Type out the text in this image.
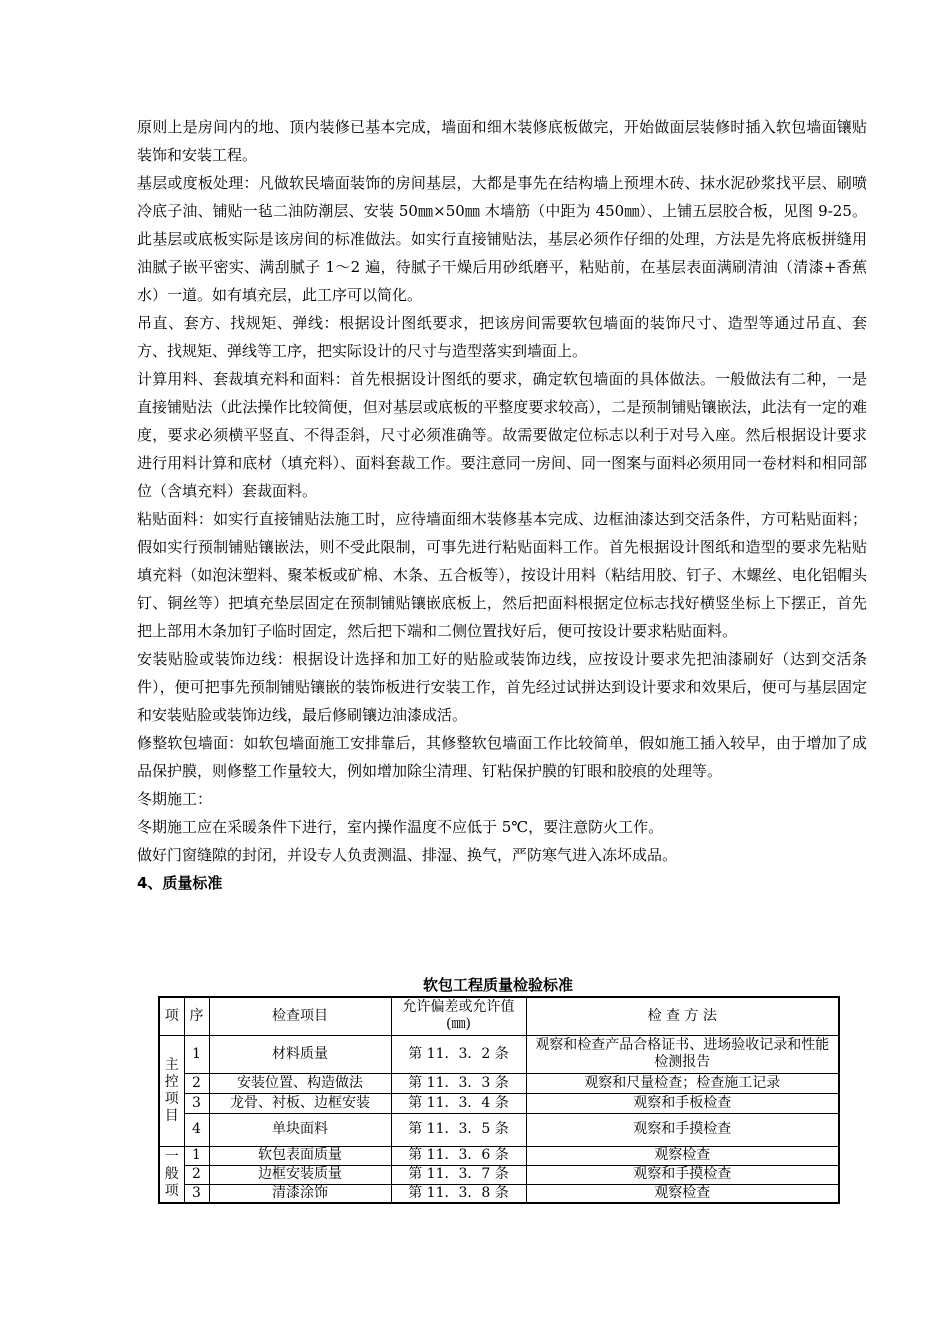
原则上是房间内的地、顶内装修已基本完成，墙面和细木装修底板做完，开始做面层装修时插入软包墙面镶贴装饰和安装工程。

基层或度板处理：凡做软民墙面装饰的房间基层，大都是事先在结构墙上预埋木砖、抹水泥砂浆找平层、刷喷冷底子油、铺贴一毡二油防潮层、安装 50㎜×50㎜ 木墙筋（中距为 450㎜）、上铺五层胶合板，见图 9-25。此基层或底板实际是该房间的标准做法。如实行直接铺贴法，基层必须作仔细的处理，方法是先将底板拼缝用油腻子嵌平密实、满刮腻子 1～2 遍，待腻子干燥后用砂纸磨平，粘贴前，在基层表面满刷清油（清漆+香蕉水）一道。如有填充层，此工序可以简化。

吊直、套方、找规矩、弹线：根据设计图纸要求，把该房间需要软包墙面的装饰尺寸、造型等通过吊直、套方、找规矩、弹线等工序，把实际设计的尺寸与造型落实到墙面上。

计算用料、套裁填充料和面料：首先根据设计图纸的要求，确定软包墙面的具体做法。一般做法有二种，一是直接铺贴法（此法操作比较简便，但对基层或底板的平整度要求较高），二是预制铺贴镶嵌法，此法有一定的难度，要求必须横平竖直、不得歪斜，尺寸必须准确等。故需要做定位标志以利于对号入座。然后根据设计要求进行用料计算和底材（填充料）、面料套裁工作。要注意同一房间、同一图案与面料必须用同一卷材料和相同部位（含填充料）套裁面料。

粘贴面料：如实行直接铺贴法施工时，应待墙面细木装修基本完成、边框油漆达到交活条件，方可粘贴面料；假如实行预制铺贴镶嵌法，则不受此限制，可事先进行粘贴面料工作。首先根据设计图纸和造型的要求先粘贴填充料（如泡沫塑料、聚苯板或矿棉、木条、五合板等），按设计用料（粘结用胶、钉子、木螺丝、电化铝帽头钉、铜丝等）把填充垫层固定在预制铺贴镶嵌底板上，然后把面料根据定位标志找好横竖坐标上下摆正，首先把上部用木条加钉子临时固定，然后把下端和二侧位置找好后，便可按设计要求粘贴面料。

安装贴脸或装饰边线：根据设计选择和加工好的贴脸或装饰边线，应按设计要求先把油漆刷好（达到交活条件），便可把事先预制铺贴镶嵌的装饰板进行安装工作，首先经过试拼达到设计要求和效果后，便可与基层固定和安装贴脸或装饰边线，最后修刷镶边油漆成活。

修整软包墙面：如软包墙面施工安排靠后，其修整软包墙面工作比较简单，假如施工插入较早，由于增加了成品保护膜，则修整工作量较大，例如增加除尘清理、钉粘保护膜的钉眼和胶痕的处理等。

冬期施工：

冬期施工应在采暖条件下进行，室内操作温度不应低于 5℃，要注意防火工作。

做好门窗缝隙的封闭，并设专人负责测温、排湿、换气，严防寒气进入冻坏成品。

4、质量标准

软包工程质量检验标准
项	序	检查项目	允许偏差或允许值(㎜)	检 查 方 法
主控项目	1	材料质量	第 11．3．2 条	观察和检查产品合格证书、进场验收记录和性能检测报告
	2	安装位置、构造做法	第 11．3．3 条	观察和尺量检查；检查施工记录
	3	龙骨、衬板、边框安装	第 11．3．4 条	观察和手板检查
	4	单块面料	第 11．3．5 条	观察和手摸检查
一般项	1	软包表面质量	第 11．3．6 条	观察检查
	2	边框安装质量	第 11．3．7 条	观察和手摸检查
	3	清漆涂饰	第 11．3．8 条	观察检查
